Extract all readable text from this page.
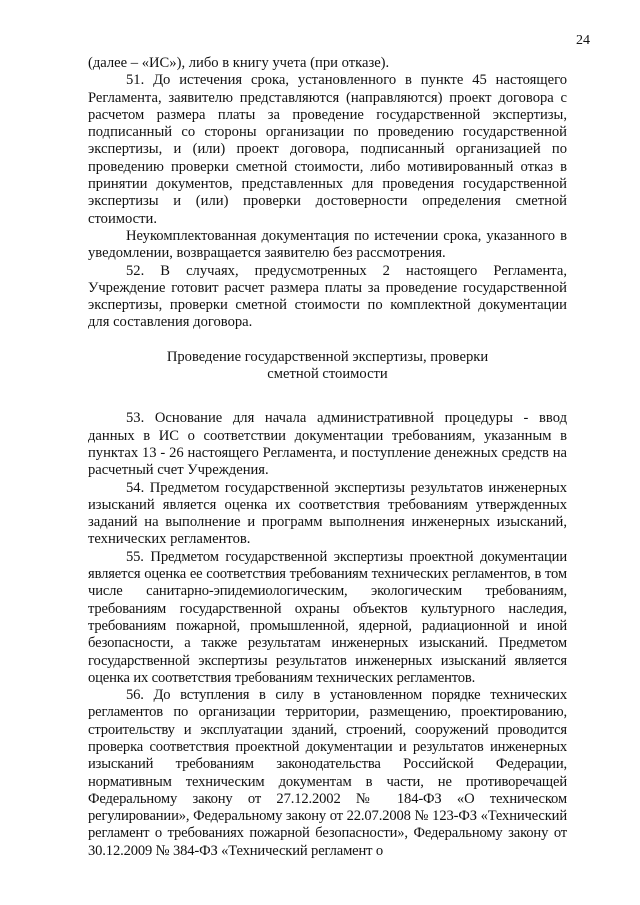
24

(далее – «ИС»), либо в книгу учета (при отказе).

51. До истечения срока, установленного в пункте 45 настоящего Регламента, заявителю представляются (направляются) проект договора с расчетом размера платы за проведение государственной экспертизы, подписанный со стороны организации по проведению государственной экспертизы, и (или) проект договора, подписанный организацией по проведению проверки сметной стоимости, либо мотивированный отказ в принятии документов, представленных для проведения государственной экспертизы и (или) проверки достоверности определения сметной стоимости.

Неукомплектованная документация по истечении срока, указанного в уведомлении, возвращается заявителю без рассмотрения.

52. В случаях, предусмотренных 2 настоящего Регламента, Учреждение готовит расчет размера платы за проведение государственной экспертизы, проверки сметной стоимости по комплектной документации для составления договора.

Проведение государственной экспертизы, проверки сметной стоимости

53. Основание для начала административной процедуры - ввод данных в ИС о соответствии документации требованиям, указанным в пунктах 13 - 26 настоящего Регламента, и поступление денежных средств на расчетный счет Учреждения.

54. Предметом государственной экспертизы результатов инженерных изысканий является оценка их соответствия требованиям утвержденных заданий на выполнение и программ выполнения инженерных изысканий, технических регламентов.

55. Предметом государственной экспертизы проектной документации является оценка ее соответствия требованиям технических регламентов, в том числе санитарно-эпидемиологическим, экологическим требованиям, требованиям государственной охраны объектов культурного наследия, требованиям пожарной, промышленной, ядерной, радиационной и иной безопасности, а также результатам инженерных изысканий. Предметом государственной экспертизы результатов инженерных изысканий является оценка их соответствия требованиям технических регламентов.

56. До вступления в силу в установленном порядке технических регламентов по организации территории, размещению, проектированию, строительству и эксплуатации зданий, строений, сооружений проводится проверка соответствия проектной документации и результатов инженерных изысканий требованиям законодательства Российской Федерации, нормативным техническим документам в части, не противоречащей Федеральному закону от 27.12.2002 № 184-ФЗ «О техническом регулировании», Федеральному закону от 22.07.2008 № 123-ФЗ «Технический регламент о требованиях пожарной безопасности», Федеральному закону от 30.12.2009 № 384-ФЗ «Технический регламент о
